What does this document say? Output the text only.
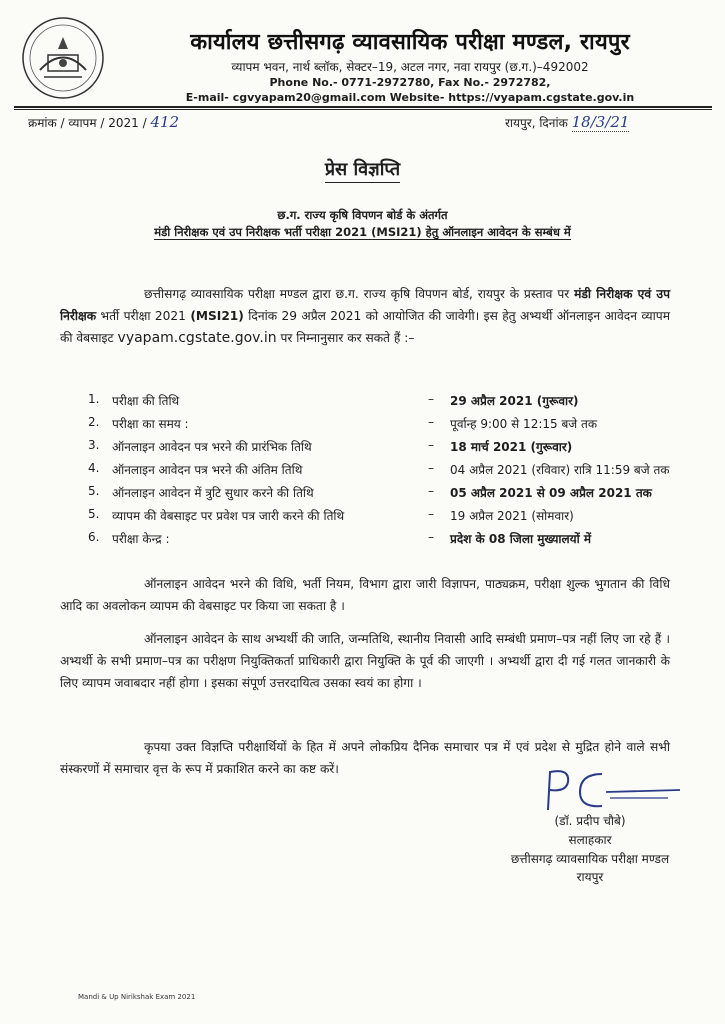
कार्यालय छत्तीसगढ़ व्यावसायिक परीक्षा मण्डल, रायपुर
व्यापम भवन, नार्थ ब्लॉक, सेक्टर–19, अटल नगर, नवा रायपुर (छ.ग.)–492002
Phone No.- 0771-2972780, Fax No.- 2972782,
E-mail- cgvyapam20@gmail.com Website- https://vyapam.cgstate.gov.in
क्रमांक / व्यापम / 2021 / 412	रायपुर, दिनांक 18/3/21
प्रेस विज्ञप्ति
छ.ग. राज्य कृषि विपणन बोर्ड के अंतर्गत
मंडी निरीक्षक एवं उप निरीक्षक भर्ती परीक्षा 2021 (MSI21) हेतु ऑनलाइन आवेदन के सम्बंध में
छत्तीसगढ़ व्यावसायिक परीक्षा मण्डल द्वारा छ.ग. राज्य कृषि विपणन बोर्ड, रायपुर के प्रस्ताव पर मंडी निरीक्षक एवं उप निरीक्षक भर्ती परीक्षा 2021 (MSI21) दिनांक 29 अप्रैल 2021 को आयोजित की जावेगी। इस हेतु अभ्यर्थी ऑनलाइन आवेदन व्यापम की वेबसाइट vyapam.cgstate.gov.in पर निम्नानुसार कर सकते हैं :–
1.	परीक्षा की तिथि	– 29 अप्रैल 2021 (गुरूवार)
2.	परीक्षा का समय :	– पूर्वान्ह 9:00 से 12:15 बजे तक
3.	ऑनलाइन आवेदन पत्र भरने की प्रारंभिक तिथि	– 18 मार्च 2021 (गुरूवार)
4.	ऑनलाइन आवेदन पत्र भरने की अंतिम तिथि	– 04 अप्रैल 2021 (रविवार) रात्रि 11:59 बजे तक
5.	ऑनलाइन आवेदन में त्रुटि सुधार करने की तिथि	– 05 अप्रैल 2021 से 09 अप्रैल 2021 तक
5.	व्यापम की वेबसाइट पर प्रवेश पत्र जारी करने की तिथि	– 19 अप्रैल 2021 (सोमवार)
6.	परीक्षा केन्द्र :	– प्रदेश के 08 जिला मुख्यालयों में
ऑनलाइन आवेदन भरने की विधि, भर्ती नियम, विभाग द्वारा जारी विज्ञापन, पाठ्यक्रम, परीक्षा शुल्क भुगतान की विधि आदि का अवलोकन व्यापम की वेबसाइट पर किया जा सकता है ।
ऑनलाइन आवेदन के साथ अभ्यर्थी की जाति, जन्मतिथि, स्थानीय निवासी आदि सम्बंधी प्रमाण–पत्र नहीं लिए जा रहे हैं । अभ्यर्थी के सभी प्रमाण–पत्र का परीक्षण नियुक्तिकर्ता प्राधिकारी द्वारा नियुक्ति के पूर्व की जाएगी । अभ्यर्थी द्वारा दी गई गलत जानकारी के लिए व्यापम जवाबदार नहीं होगा । इसका संपूर्ण उत्तरदायित्व उसका स्वयं का होगा ।
कृपया उक्त विज्ञप्ति परीक्षार्थियों के हित में अपने लोकप्रिय दैनिक समाचार पत्र में एवं प्रदेश से मुद्रित होने वाले सभी संस्करणों में समाचार वृत्त के रूप में प्रकाशित करने का कष्ट करें।
(डॉ. प्रदीप चौबे)
सलाहकार
छत्तीसगढ़ व्यावसायिक परीक्षा मण्डल
रायपुर
Mandi & Up Nirikshak Exam 2021
